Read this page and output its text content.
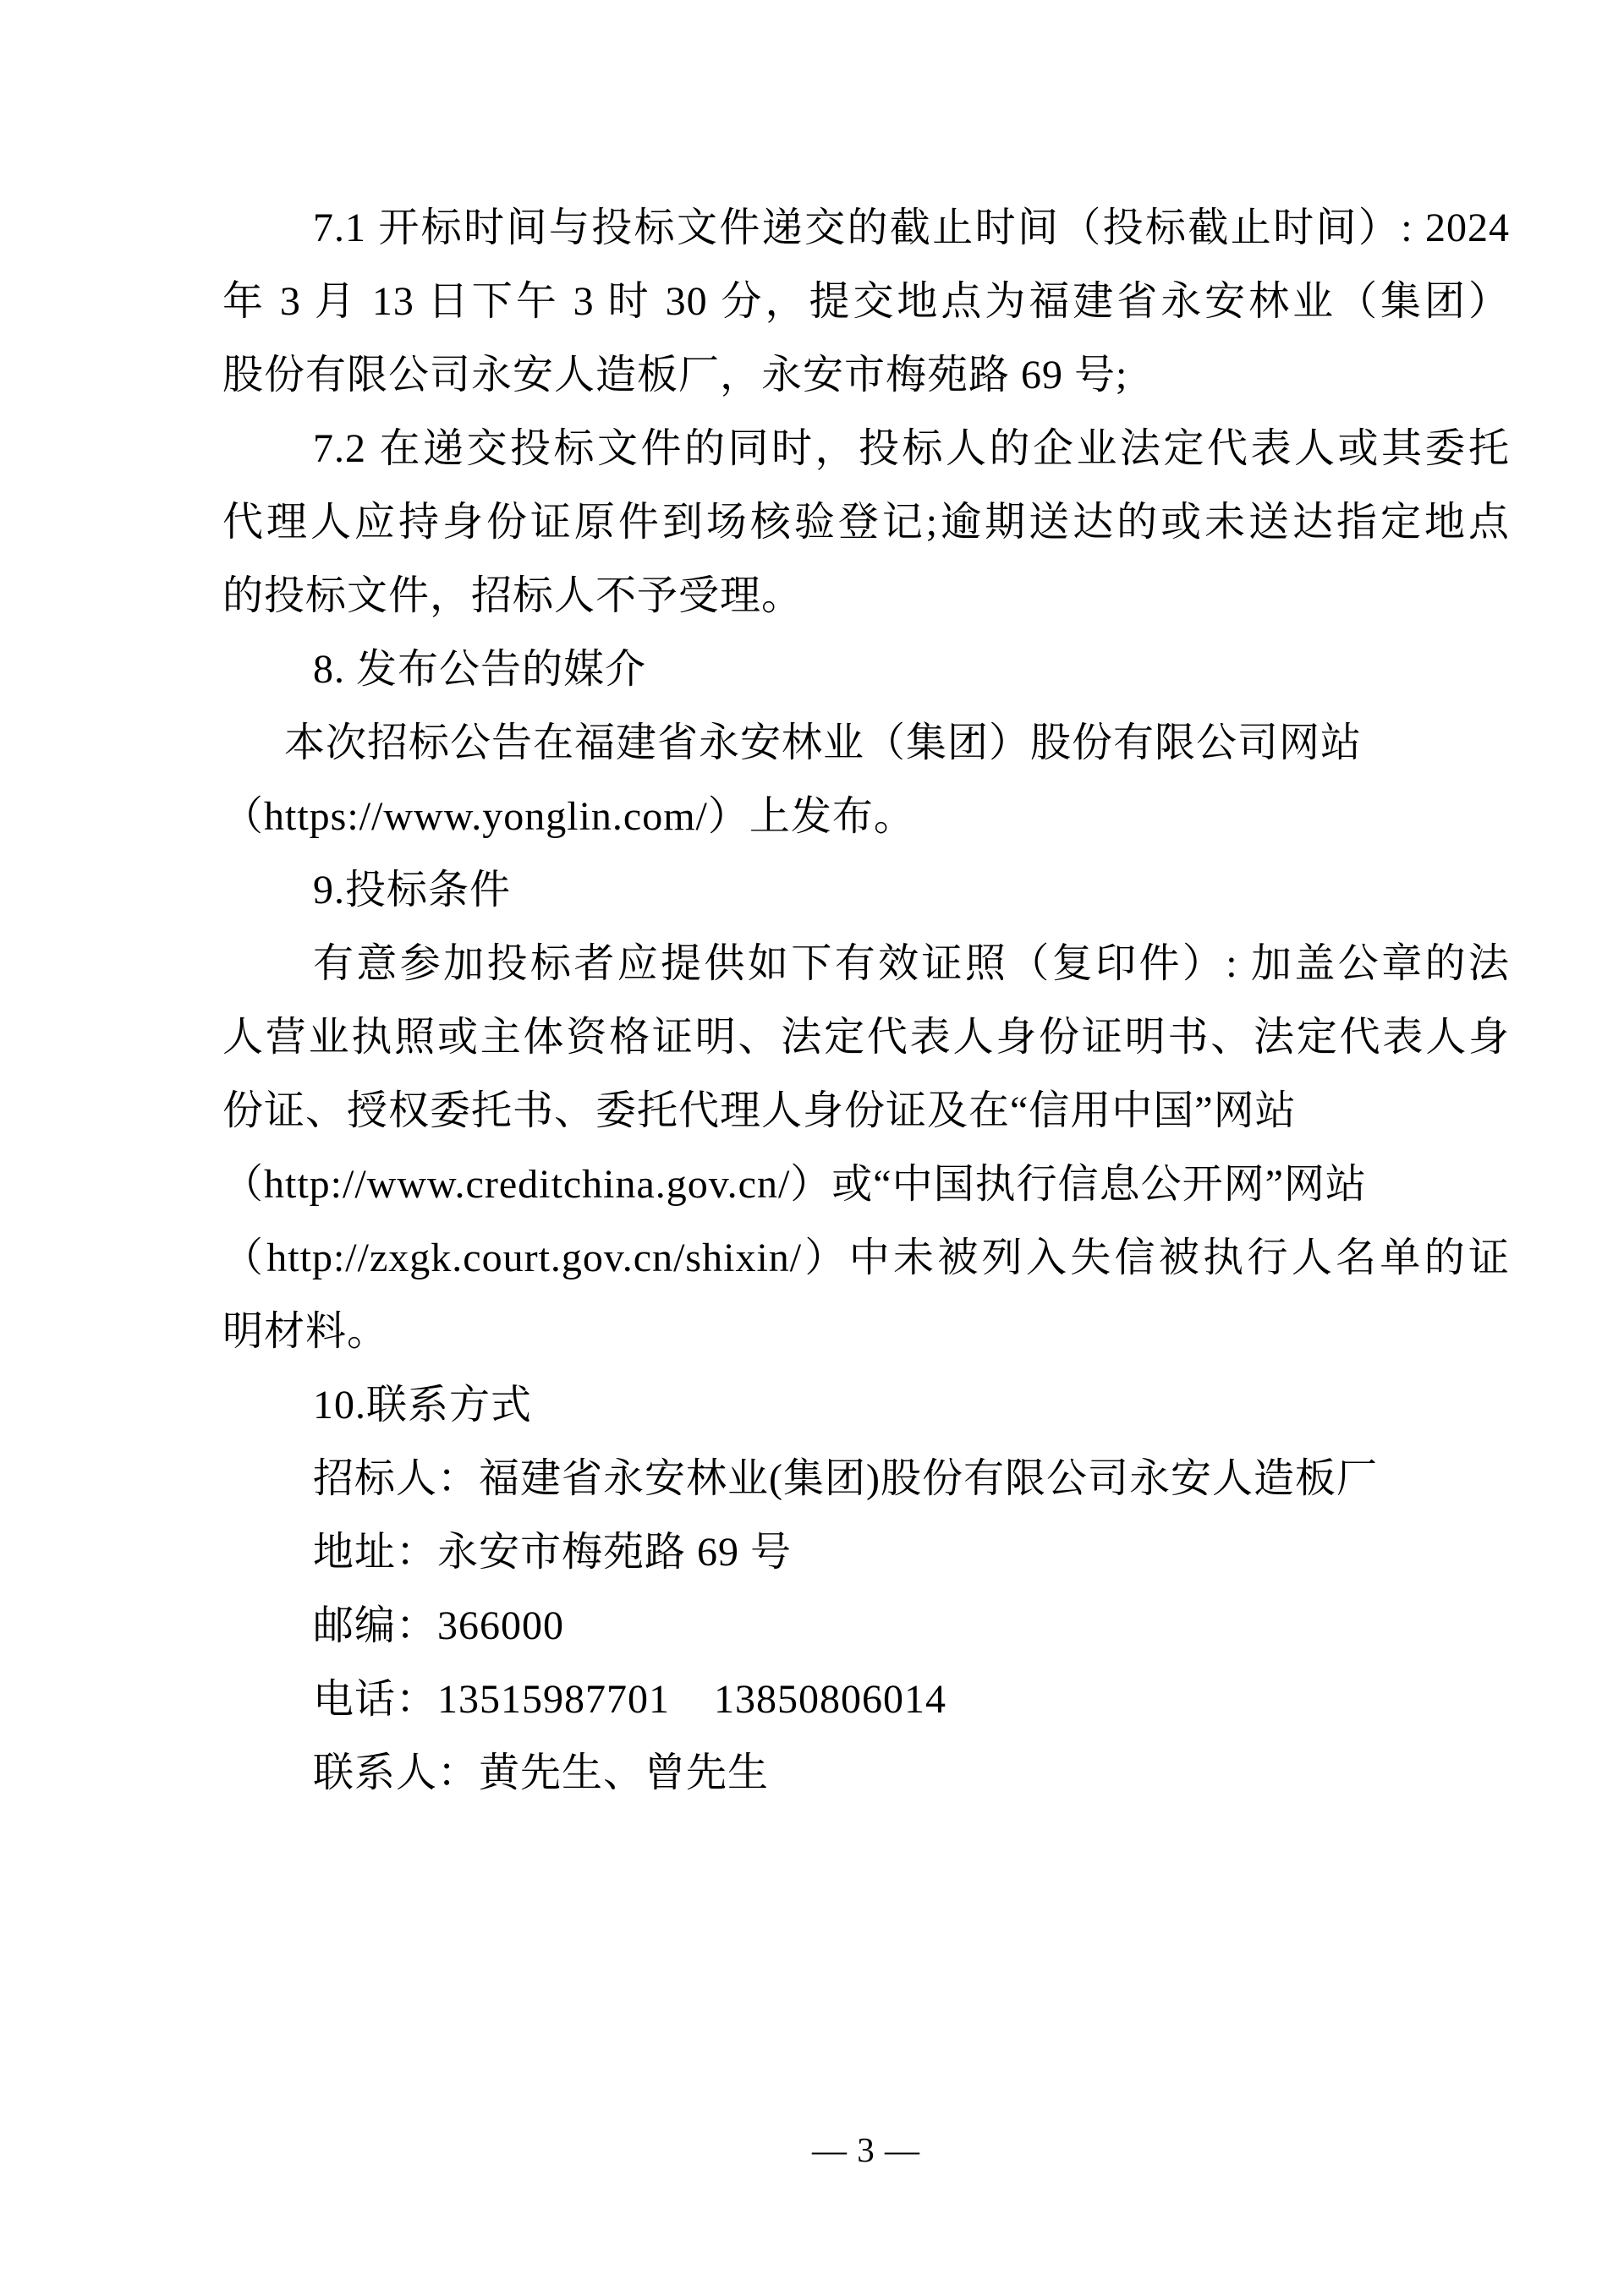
7.1 开标时间与投标文件递交的截止时间（投标截止时间）: 2024
年 3 月 13 日下午 3 时 30 分，提交地点为福建省永安林业（集团）
股份有限公司永安人造板厂，永安市梅苑路 69 号;
7.2 在递交投标文件的同时，投标人的企业法定代表人或其委托
代理人应持身份证原件到场核验登记;逾期送达的或未送达指定地点
的投标文件，招标人不予受理。
8. 发布公告的媒介
本次招标公告在福建省永安林业（集团）股份有限公司网站
（https://www.yonglin.com/）上发布。
9.投标条件
有意参加投标者应提供如下有效证照（复印件）: 加盖公章的法
人营业执照或主体资格证明、法定代表人身份证明书、法定代表人身
份证、授权委托书、委托代理人身份证及在“信用中国”网站
（http://www.creditchina.gov.cn/）或“中国执行信息公开网”网站
（http://zxgk.court.gov.cn/shixin/）中未被列入失信被执行人名单的证
明材料。
10.联系方式
招标人：福建省永安林业(集团)股份有限公司永安人造板厂
地址：永安市梅苑路 69 号
邮编：366000
电话：13515987701    13850806014
联系人：黄先生、曾先生
— 3 —
